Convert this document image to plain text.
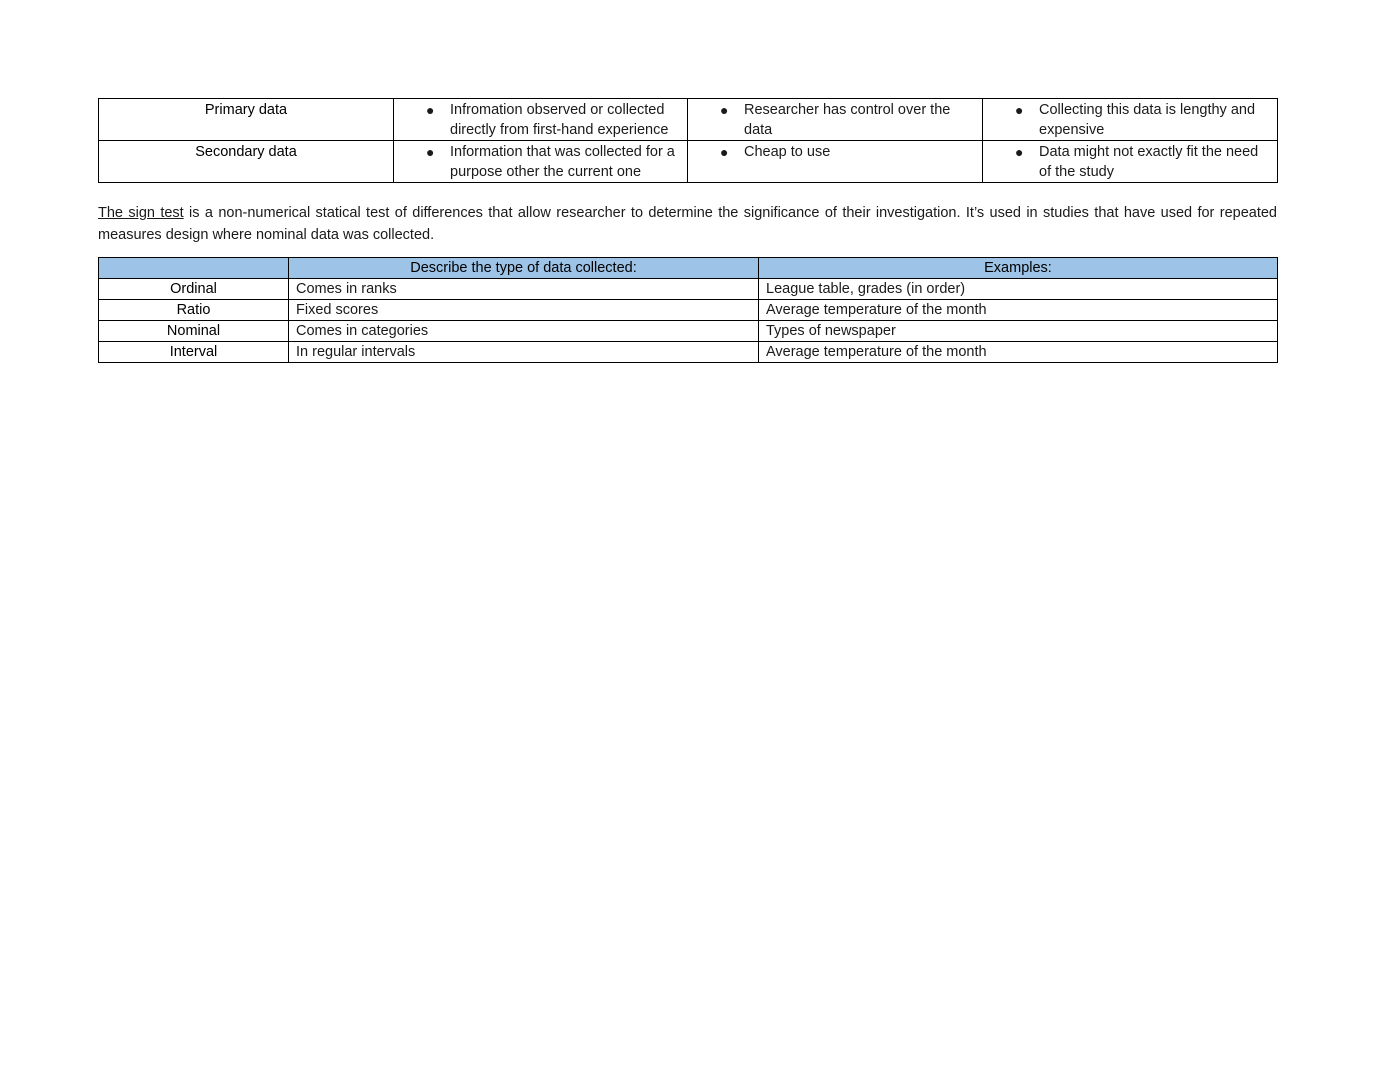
Primary data	● Infromation observed or collected directly from first-hand experience	● Researcher has control over the data	● Collecting this data is lengthy and expensive

Secondary data	● Information that was collected for a purpose other the current one	● Cheap to use	● Data might not exactly fit the need of the study

The sign test is a non-numerical statical test of differences that allow researcher to determine the significance of their investigation. It’s used in studies that have used for repeated measures design where nominal data was collected.

	Describe the type of data collected:	Examples:
Ordinal	Comes in ranks	League table, grades (in order)
Ratio	Fixed scores	Average temperature of the month
Nominal	Comes in categories	Types of newspaper
Interval	In regular intervals	Average temperature of the month
